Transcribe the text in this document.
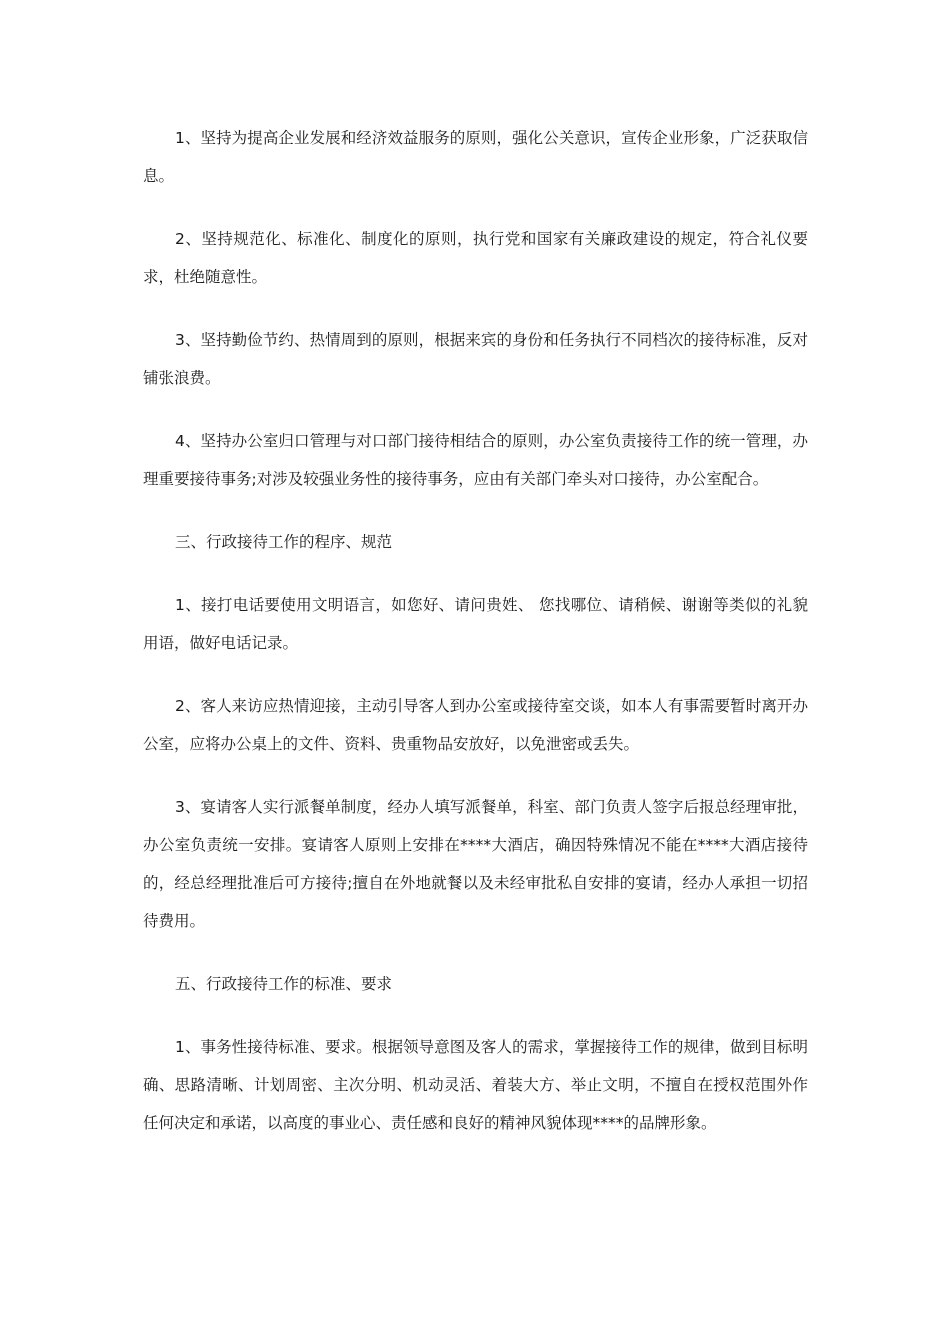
1、坚持为提高企业发展和经济效益服务的原则，强化公关意识，宣传企业形象，广泛获取信息。

2、坚持规范化、标准化、制度化的原则，执行党和国家有关廉政建设的规定，符合礼仪要求，杜绝随意性。

3、坚持勤俭节约、热情周到的原则，根据来宾的身份和任务执行不同档次的接待标准，反对铺张浪费。

4、坚持办公室归口管理与对口部门接待相结合的原则，办公室负责接待工作的统一管理，办理重要接待事务;对涉及较强业务性的接待事务，应由有关部门牵头对口接待，办公室配合。

三、行政接待工作的程序、规范

1、接打电话要使用文明语言，如您好、请问贵姓、 您找哪位、请稍候、谢谢等类似的礼貌用语，做好电话记录。

2、客人来访应热情迎接，主动引导客人到办公室或接待室交谈，如本人有事需要暂时离开办公室，应将办公桌上的文件、资料、贵重物品安放好，以免泄密或丢失。

3、宴请客人实行派餐单制度，经办人填写派餐单，科室、部门负责人签字后报总经理审批，办公室负责统一安排。宴请客人原则上安排在****大酒店，确因特殊情况不能在****大酒店接待的，经总经理批准后可方接待;擅自在外地就餐以及未经审批私自安排的宴请，经办人承担一切招待费用。

五、行政接待工作的标准、要求

1、事务性接待标准、要求。根据领导意图及客人的需求，掌握接待工作的规律，做到目标明确、思路清晰、计划周密、主次分明、机动灵活、着装大方、举止文明，不擅自在授权范围外作任何决定和承诺，以高度的事业心、责任感和良好的精神风貌体现****的品牌形象。
